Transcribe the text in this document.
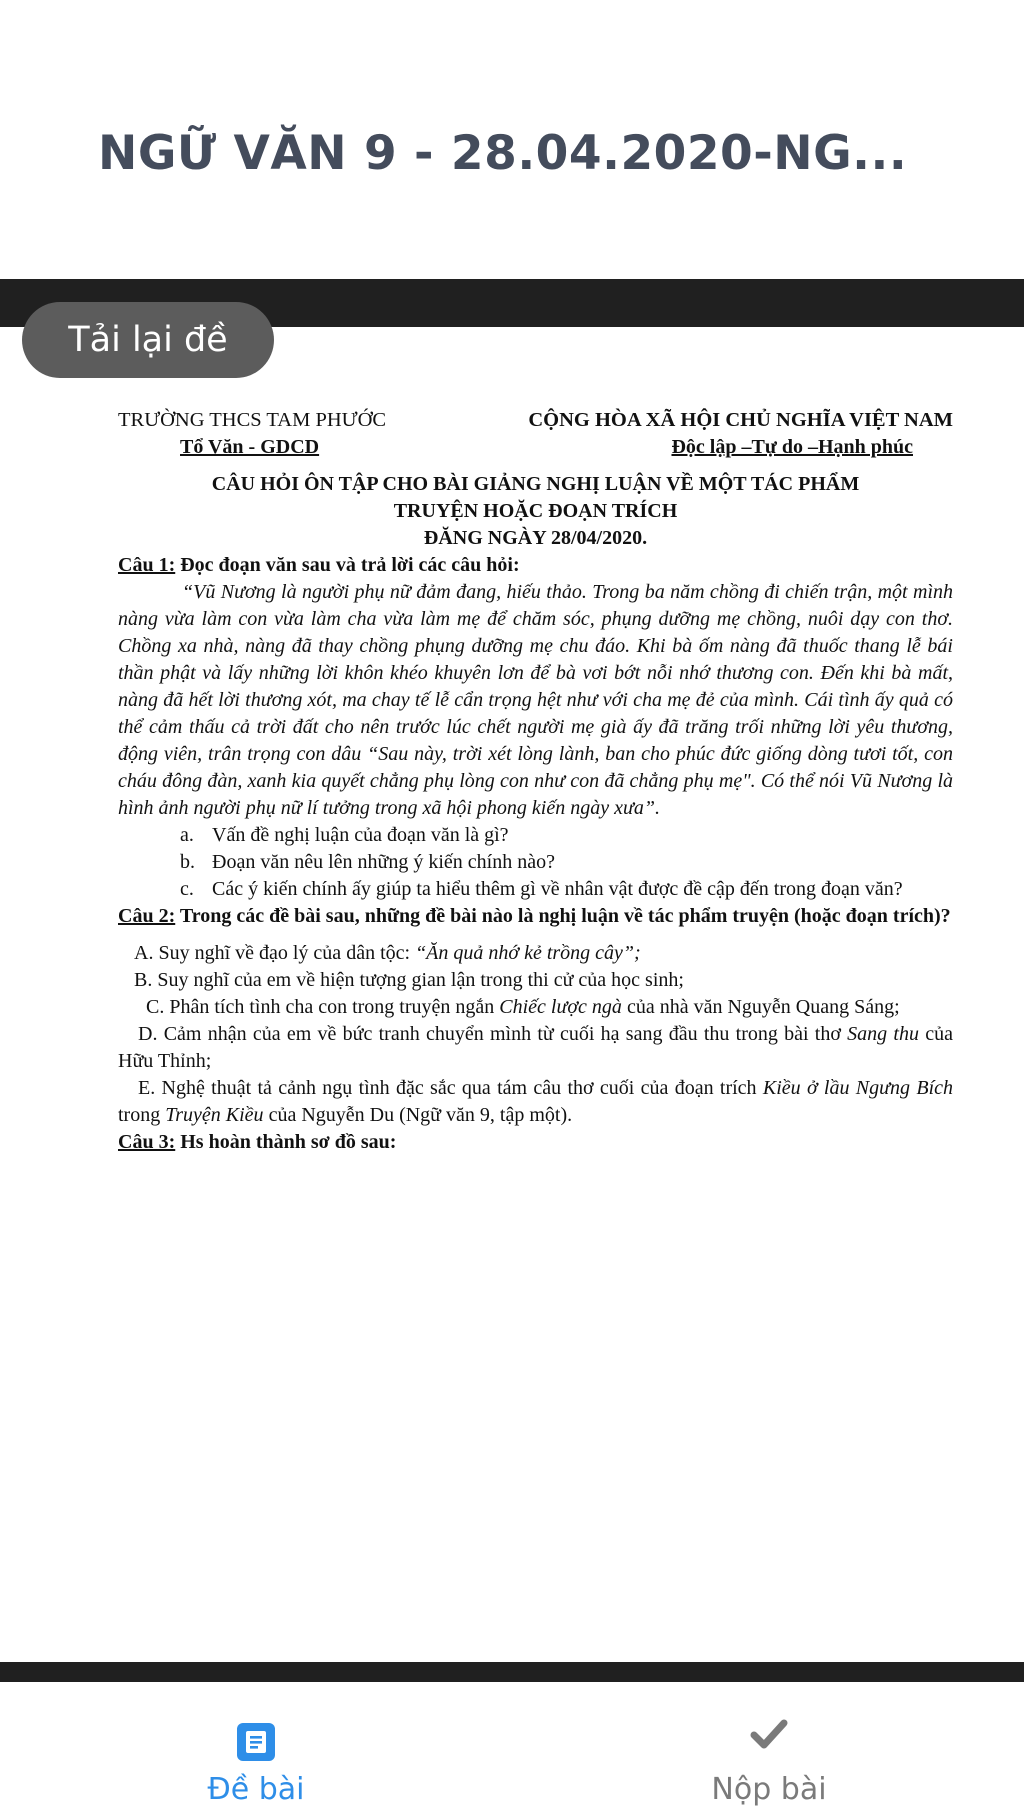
NGỮ VĂN 9 - 28.04.2020-NG...
TRƯỜNG THCS TAM PHƯỚC	CỘNG HÒA XÃ HỘI CHỦ NGHĨA VIỆT NAM
Tổ Văn - GDCD	Độc lập –Tự do –Hạnh phúc
CÂU HỎI ÔN TẬP CHO BÀI GIẢNG NGHỊ LUẬN VỀ MỘT TÁC PHẨM
TRUYỆN HOẶC ĐOẠN TRÍCH
ĐĂNG NGÀY 28/04/2020.
Câu 1: Đọc đoạn văn sau và trả lời các câu hỏi:
“Vũ Nương là người phụ nữ đảm đang, hiếu thảo. Trong ba năm chồng đi chiến trận, một mình nàng vừa làm con vừa làm cha vừa làm mẹ để chăm sóc, phụng dưỡng mẹ chồng, nuôi dạy con thơ. Chồng xa nhà, nàng đã thay chồng phụng dưỡng mẹ chu đáo. Khi bà ốm nàng đã thuốc thang lễ bái thần phật và lấy những lời khôn khéo khuyên lơn để bà vơi bớt nỗi nhớ thương con. Đến khi bà mất, nàng đã hết lời thương xót, ma chay tế lễ cẩn trọng hệt như với cha mẹ đẻ của mình. Cái tình ấy quả có thể cảm thấu cả trời đất cho nên trước lúc chết người mẹ già ấy đã trăng trối những lời yêu thương, động viên, trân trọng con dâu “Sau này, trời xét lòng lành, ban cho phúc đức giống dòng tươi tốt, con cháu đông đàn, xanh kia quyết chẳng phụ lòng con như con đã chẳng phụ mẹ". Có thể nói Vũ Nương là hình ảnh người phụ nữ lí tưởng trong xã hội phong kiến ngày xưa”.
a. Vấn đề nghị luận của đoạn văn là gì?
b. Đoạn văn nêu lên những ý kiến chính nào?
c. Các ý kiến chính ấy giúp ta hiểu thêm gì về nhân vật được đề cập đến trong đoạn văn?
Câu 2: Trong các đề bài sau, những đề bài nào là nghị luận về tác phẩm truyện (hoặc đoạn trích)?
A. Suy nghĩ về đạo lý của dân tộc: “Ăn quả nhớ kẻ trồng cây”;
B. Suy nghĩ của em về hiện tượng gian lận trong thi cử của học sinh;
C. Phân tích tình cha con trong truyện ngắn Chiếc lược ngà của nhà văn Nguyễn Quang Sáng;
D. Cảm nhận của em về bức tranh chuyển mình từ cuối hạ sang đầu thu trong bài thơ Sang thu của Hữu Thỉnh;
E. Nghệ thuật tả cảnh ngụ tình đặc sắc qua tám câu thơ cuối của đoạn trích Kiều ở lầu Ngưng Bích trong Truyện Kiều của Nguyễn Du (Ngữ văn 9, tập một).
Câu 3: Hs hoàn thành sơ đồ sau:
Tải lại đề
Đề bài	Nộp bài
